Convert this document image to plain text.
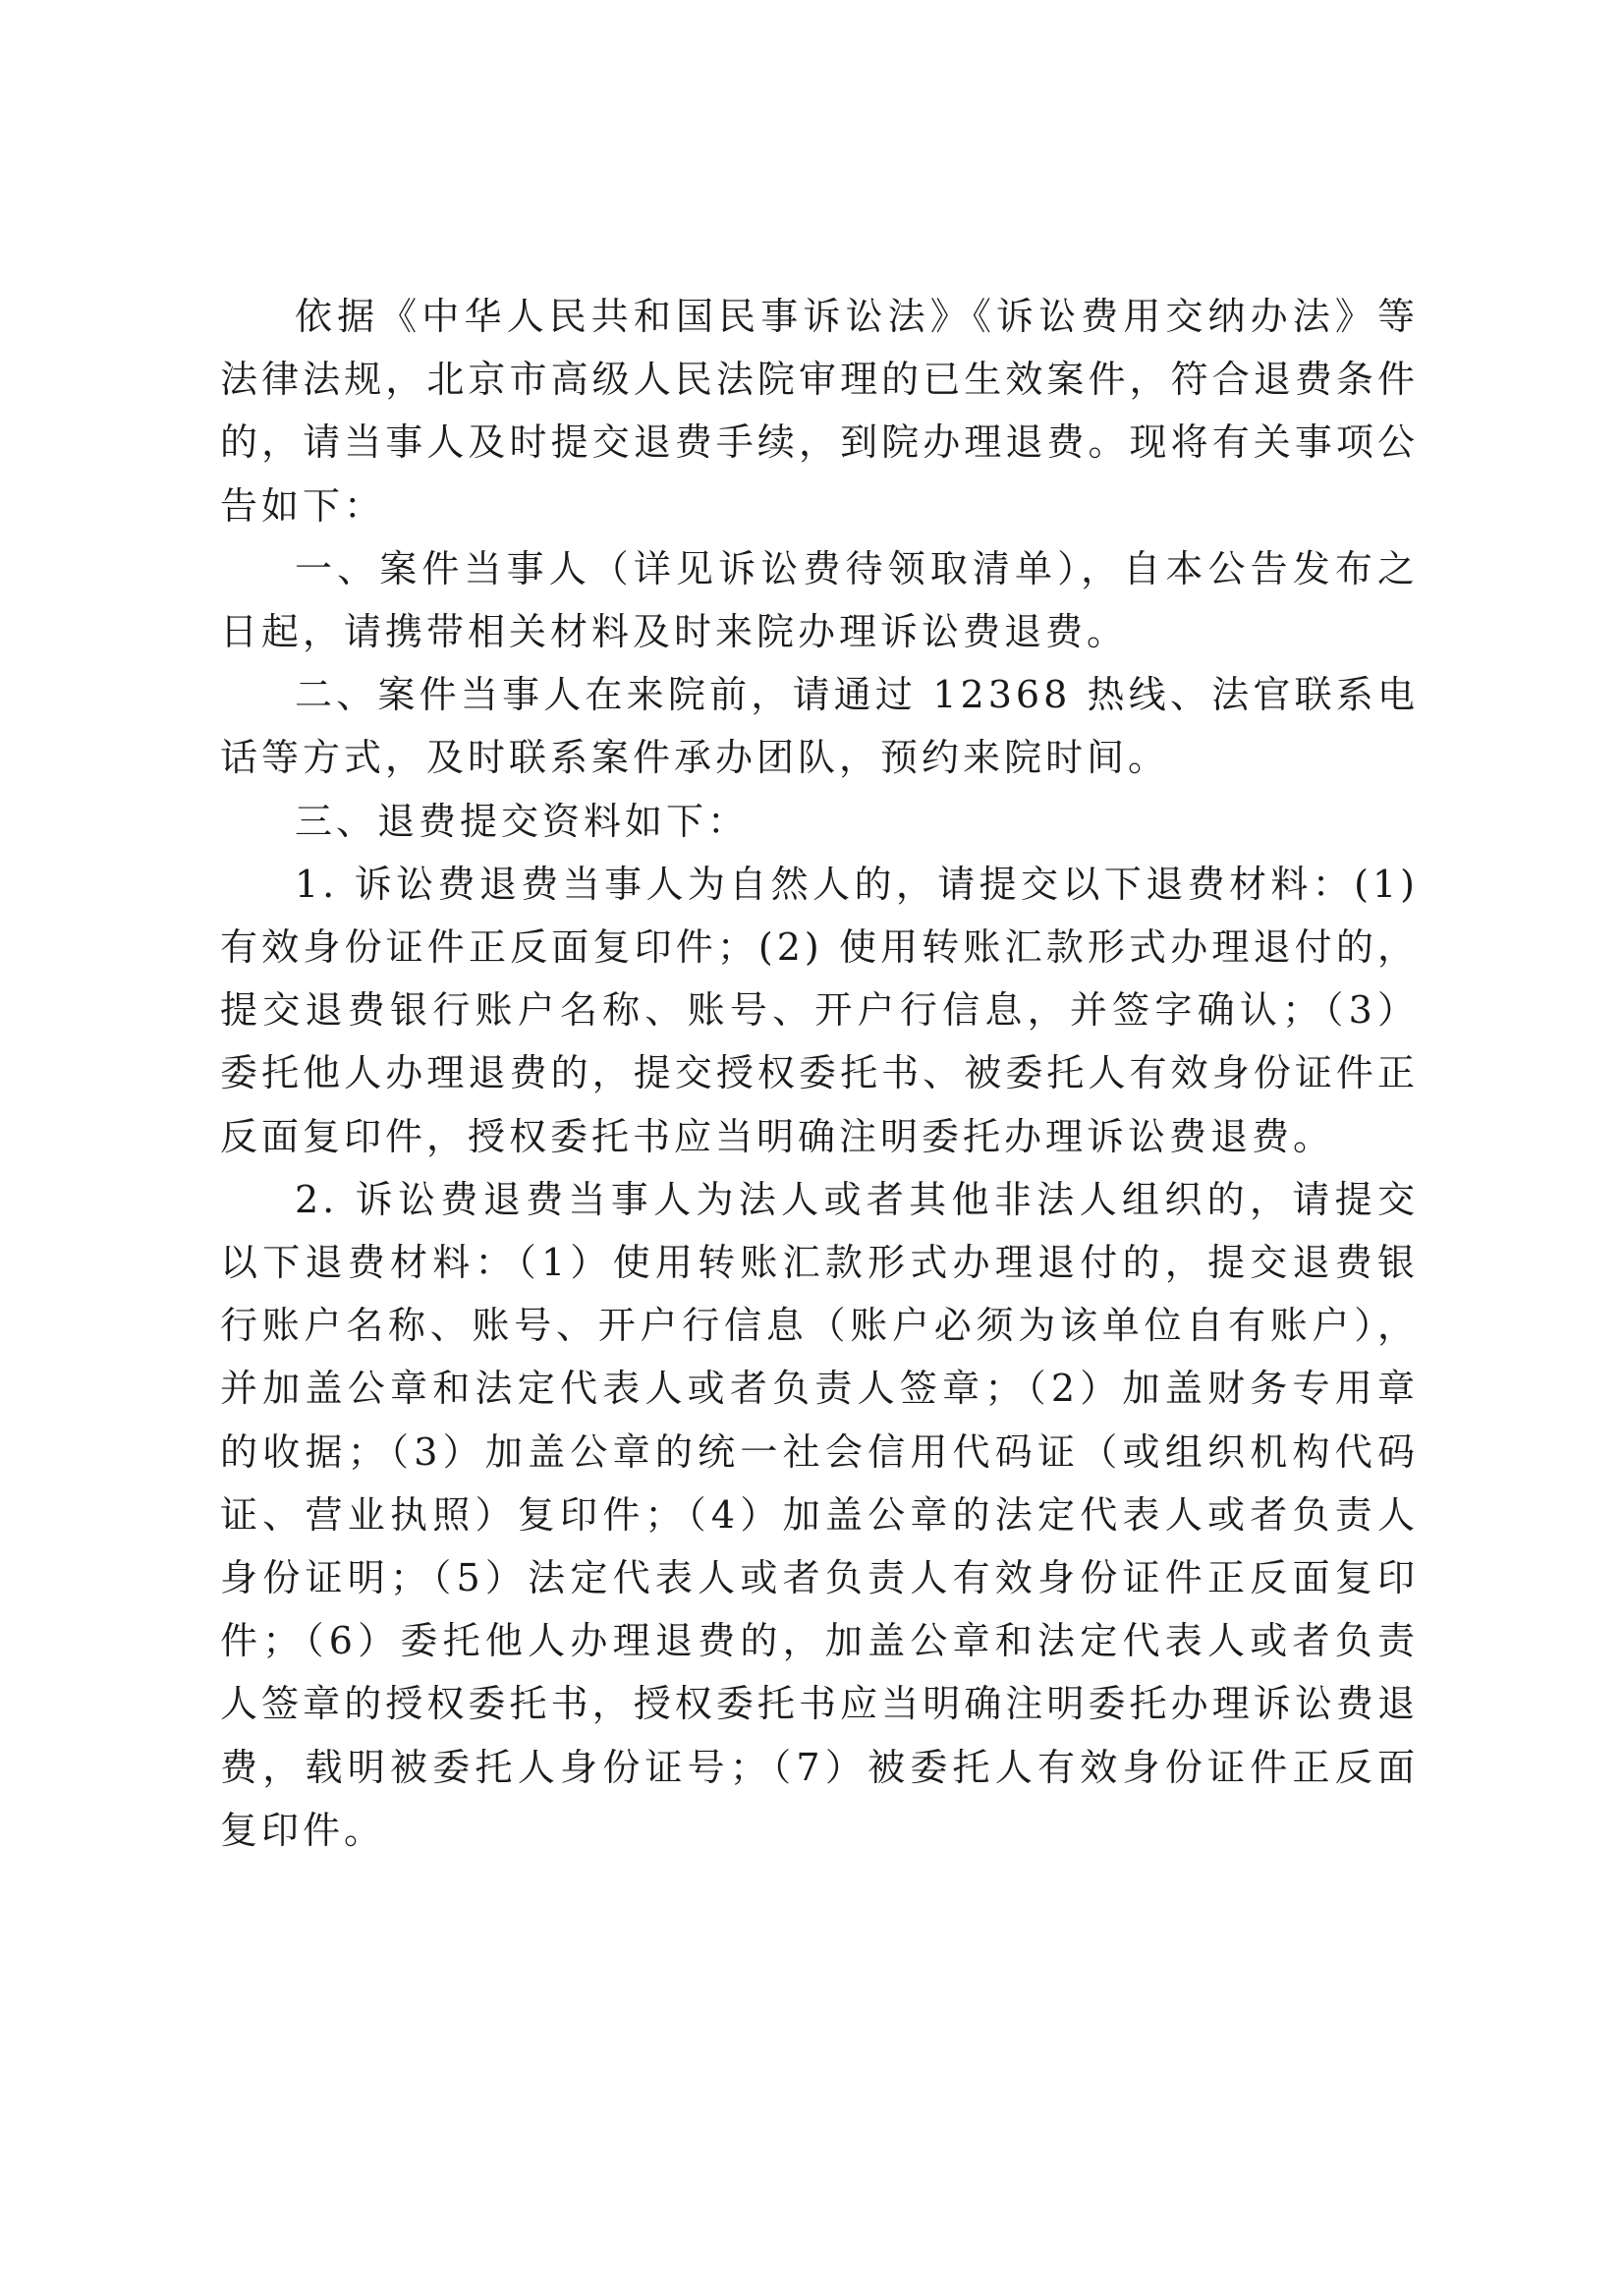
依据《中华人民共和国民事诉讼法》《诉讼费用交纳办法》等法律法规，北京市高级人民法院审理的已生效案件，符合退费条件的，请当事人及时提交退费手续，到院办理退费。现将有关事项公告如下：

一、案件当事人（详见诉讼费待领取清单），自本公告发布之日起，请携带相关材料及时来院办理诉讼费退费。

二、案件当事人在来院前，请通过 12368 热线、法官联系电话等方式，及时联系案件承办团队，预约来院时间。

三、退费提交资料如下：

1. 诉讼费退费当事人为自然人的，请提交以下退费材料：(1) 有效身份证件正反面复印件；(2) 使用转账汇款形式办理退付的，提交退费银行账户名称、账号、开户行信息，并签字确认；（3）委托他人办理退费的，提交授权委托书、被委托人有效身份证件正反面复印件，授权委托书应当明确注明委托办理诉讼费退费。

2. 诉讼费退费当事人为法人或者其他非法人组织的，请提交以下退费材料：（1）使用转账汇款形式办理退付的，提交退费银行账户名称、账号、开户行信息（账户必须为该单位自有账户），并加盖公章和法定代表人或者负责人签章；（2）加盖财务专用章的收据；（3）加盖公章的统一社会信用代码证（或组织机构代码证、营业执照）复印件；（4）加盖公章的法定代表人或者负责人身份证明；（5）法定代表人或者负责人有效身份证件正反面复印件；（6）委托他人办理退费的，加盖公章和法定代表人或者负责人签章的授权委托书，授权委托书应当明确注明委托办理诉讼费退费，载明被委托人身份证号；（7）被委托人有效身份证件正反面复印件。
